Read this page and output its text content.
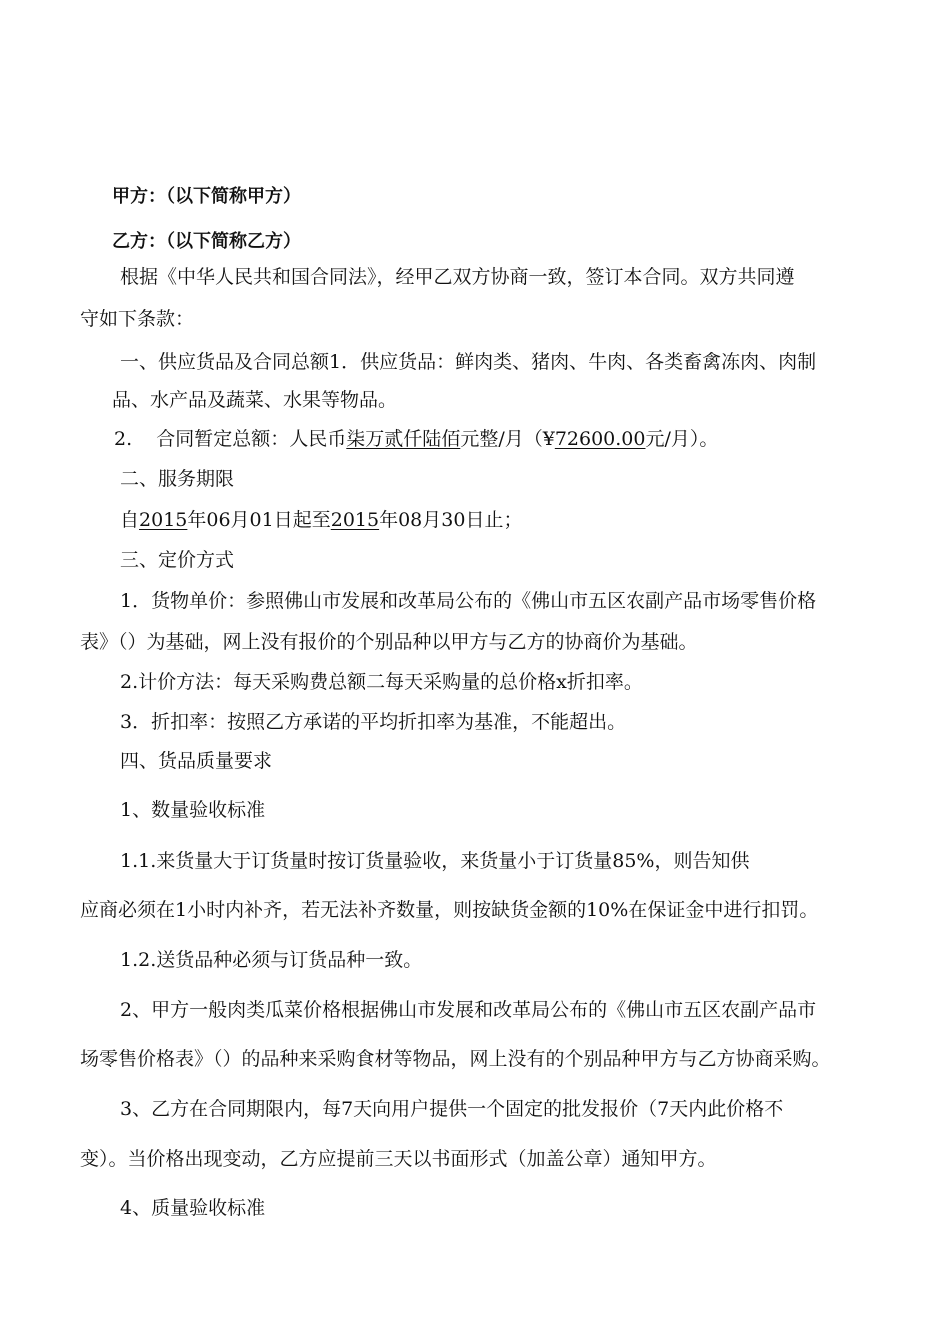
甲方：（以下简称甲方）
乙方：（以下简称乙方）
根据《中华人民共和国合同法》，经甲乙双方协商一致，签订本合同。双方共同遵
守如下条款：
一、供应货品及合同总额1．供应货品：鲜肉类、猪肉、牛肉、各类畜禽冻肉、肉制
品、水产品及蔬菜、水果等物品。
2.    合同暂定总额：人民币柒万贰仟陆佰元整/月（¥72600.00元/月）。
二、服务期限
自2015年06月01日起至2015年08月30日止；
三、定价方式
1．货物单价：参照佛山市发展和改革局公布的《佛山市五区农副产品市场零售价格
表》（）为基础，网上没有报价的个别品种以甲方与乙方的协商价为基础。
2.计价方法：每天采购费总额二每天采购量的总价格x折扣率。
3．折扣率：按照乙方承诺的平均折扣率为基准，不能超出。
四、货品质量要求
1、数量验收标准
1.1.来货量大于订货量时按订货量验收，来货量小于订货量85%，则告知供
应商必须在1小时内补齐，若无法补齐数量，则按缺货金额的10%在保证金中进行扣罚。
1.2.送货品种必须与订货品种一致。
2、甲方一般肉类瓜菜价格根据佛山市发展和改革局公布的《佛山市五区农副产品市
场零售价格表》（）的品种来采购食材等物品，网上没有的个别品种甲方与乙方协商采购。
3、乙方在合同期限内，每7天向用户提供一个固定的批发报价（7天内此价格不
变）。当价格出现变动，乙方应提前三天以书面形式（加盖公章）通知甲方。
4、质量验收标准
